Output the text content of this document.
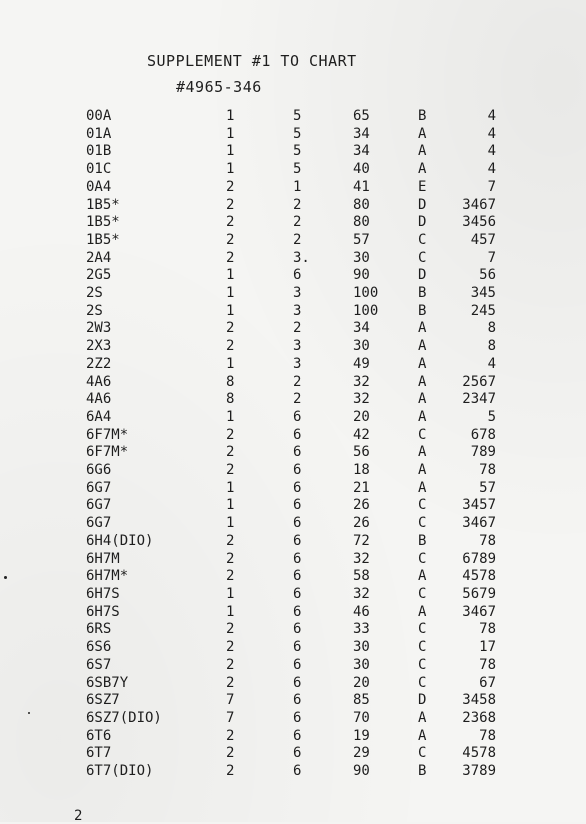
SUPPLEMENT #1 TO CHART
#4965-346
00A	1	5	65	B	4
01A	1	5	34	A	4
01B	1	5	34	A	4
01C	1	5	40	A	4
0A4	2	1	41	E	7
1B5*	2	2	80	D	3467
1B5*	2	2	80	D	3456
1B5*	2	2	57	C	457
2A4	2	3.	30	C	7
2G5	1	6	90	D	56
2S	1	3	100	B	345
2S	1	3	100	B	245
2W3	2	2	34	A	8
2X3	2	3	30	A	8
2Z2	1	3	49	A	4
4A6	8	2	32	A	2567
4A6	8	2	32	A	2347
6A4	1	6	20	A	5
6F7M*	2	6	42	C	678
6F7M*	2	6	56	A	789
6G6	2	6	18	A	78
6G7	1	6	21	A	57
6G7	1	6	26	C	3457
6G7	1	6	26	C	3467
6H4(DIO)	2	6	72	B	78
6H7M	2	6	32	C	6789
6H7M*	2	6	58	A	4578
6H7S	1	6	32	C	5679
6H7S	1	6	46	A	3467
6RS	2	6	33	C	78
6S6	2	6	30	C	17
6S7	2	6	30	C	78
6SB7Y	2	6	20	C	67
6SZ7	7	6	85	D	3458
6SZ7(DIO)	7	6	70	A	2368
6T6	2	6	19	A	78
6T7	2	6	29	C	4578
6T7(DIO)	2	6	90	B	3789
2
